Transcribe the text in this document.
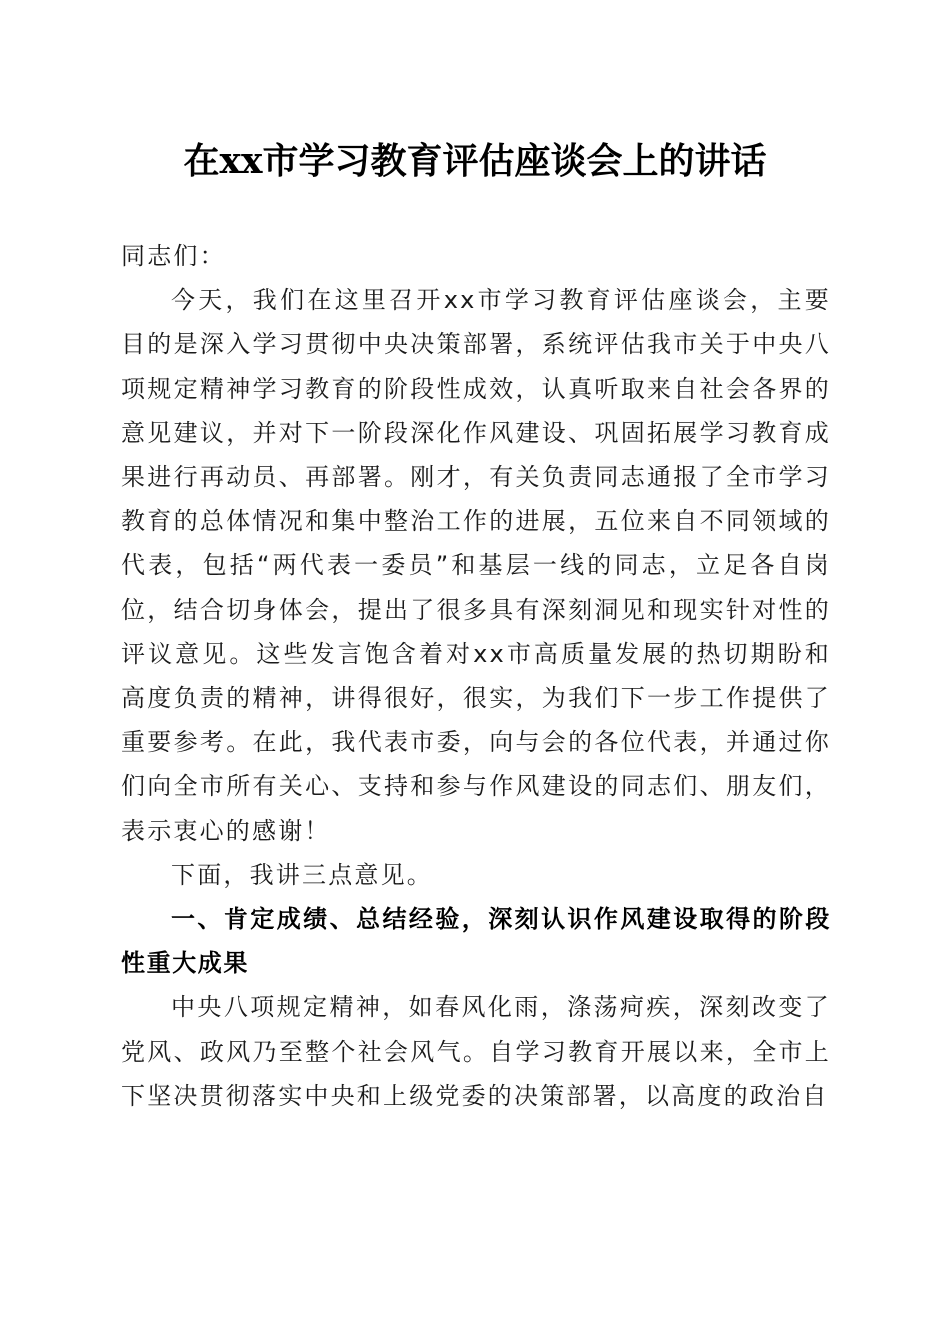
在xx市学习教育评估座谈会上的讲话

同志们：

今天，我们在这里召开xx市学习教育评估座谈会，主要目的是深入学习贯彻中央决策部署，系统评估我市关于中央八项规定精神学习教育的阶段性成效，认真听取来自社会各界的意见建议，并对下一阶段深化作风建设、巩固拓展学习教育成果进行再动员、再部署。刚才，有关负责同志通报了全市学习教育的总体情况和集中整治工作的进展，五位来自不同领域的代表，包括“两代表一委员”和基层一线的同志，立足各自岗位，结合切身体会，提出了很多具有深刻洞见和现实针对性的评议意见。这些发言饱含着对xx市高质量发展的热切期盼和高度负责的精神，讲得很好，很实，为我们下一步工作提供了重要参考。在此，我代表市委，向与会的各位代表，并通过你们向全市所有关心、支持和参与作风建设的同志们、朋友们，表示衷心的感谢！

下面，我讲三点意见。

一、肯定成绩、总结经验，深刻认识作风建设取得的阶段性重大成果

中央八项规定精神，如春风化雨，涤荡疴疾，深刻改变了党风、政风乃至整个社会风气。自学习教育开展以来，全市上下坚决贯彻落实中央和上级党委的决策部署，以高度的政治自
